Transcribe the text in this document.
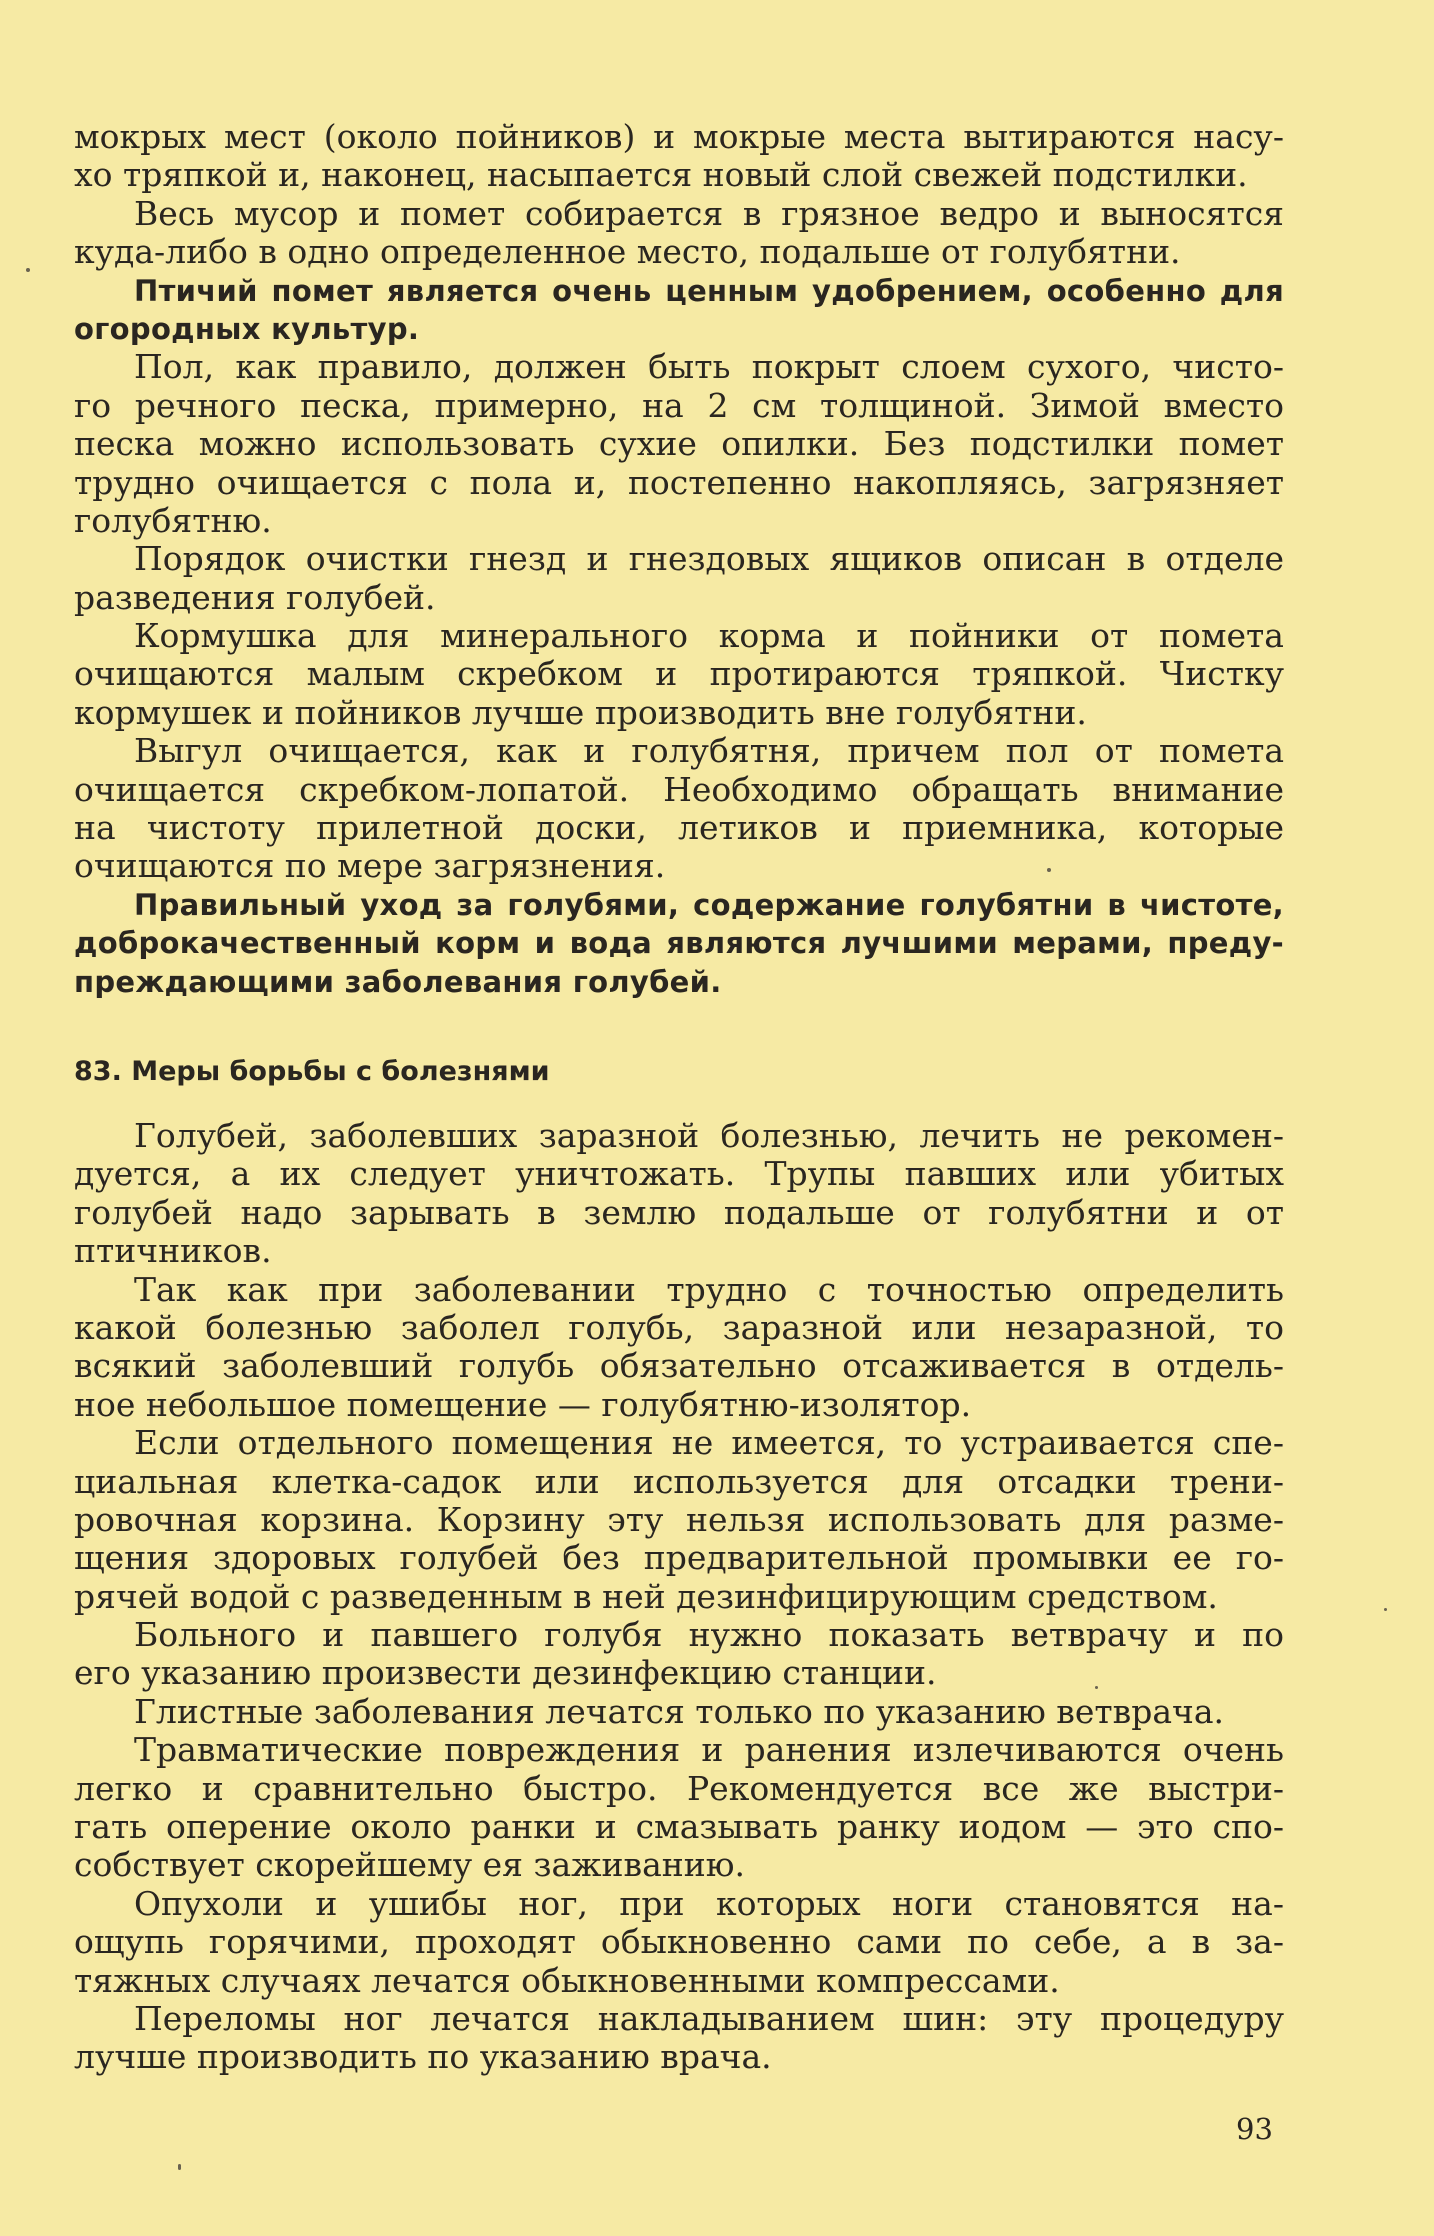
мокрых мест (около пойников) и мокрые места вытираются насу-
хо тряпкой и, наконец, насыпается новый слой свежей подстилки.
Весь мусор и помет собирается в грязное ведро и выносятся
куда-либо в одно определенное место, подальше от голубятни.
Птичий помет является очень ценным удобрением, особенно для
огородных культур.
Пол, как правило, должен быть покрыт слоем сухого, чисто-
го речного песка, примерно, на 2 см толщиной. Зимой вместо
песка можно использовать сухие опилки. Без подстилки помет
трудно очищается с пола и, постепенно накопляясь, загрязняет
голубятню.
Порядок очистки гнезд и гнездовых ящиков описан в отделе
разведения голубей.
Кормушка для минерального корма и пойники от помета
очищаются малым скребком и протираются тряпкой. Чистку
кормушек и пойников лучше производить вне голубятни.
Выгул очищается, как и голубятня, причем пол от помета
очищается скребком-лопатой. Необходимо обращать внимание
на чистоту прилетной доски, летиков и приемника, которые
очищаются по мере загрязнения.
Правильный уход за голубями, содержание голубятни в чистоте,
доброкачественный корм и вода являются лучшими мерами, преду-
преждающими заболевания голубей.
83. Меры борьбы с болезнями
Голубей, заболевших заразной болезнью, лечить не рекомен-
дуется, а их следует уничтожать. Трупы павших или убитых
голубей надо зарывать в землю подальше от голубятни и от
птичников.
Так как при заболевании трудно с точностью определить
какой болезнью заболел голубь, заразной или незаразной, то
всякий заболевший голубь обязательно отсаживается в отдель-
ное небольшое помещение — голубятню-изолятор.
Если отдельного помещения не имеется, то устраивается спе-
циальная клетка-садок или используется для отсадки трени-
ровочная корзина. Корзину эту нельзя использовать для разме-
щения здоровых голубей без предварительной промывки ее го-
рячей водой с разведенным в ней дезинфицирующим средством.
Больного и павшего голубя нужно показать ветврачу и по
его указанию произвести дезинфекцию станции.
Глистные заболевания лечатся только по указанию ветврача.
Травматические повреждения и ранения излечиваются очень
легко и сравнительно быстро. Рекомендуется все же выстри-
гать оперение около ранки и смазывать ранку иодом — это спо-
собствует скорейшему ея заживанию.
Опухоли и ушибы ног, при которых ноги становятся на-
ощупь горячими, проходят обыкновенно сами по себе, а в за-
тяжных случаях лечатся обыкновенными компрессами.
Переломы ног лечатся накладыванием шин: эту процедуру
лучше производить по указанию врача.
93
